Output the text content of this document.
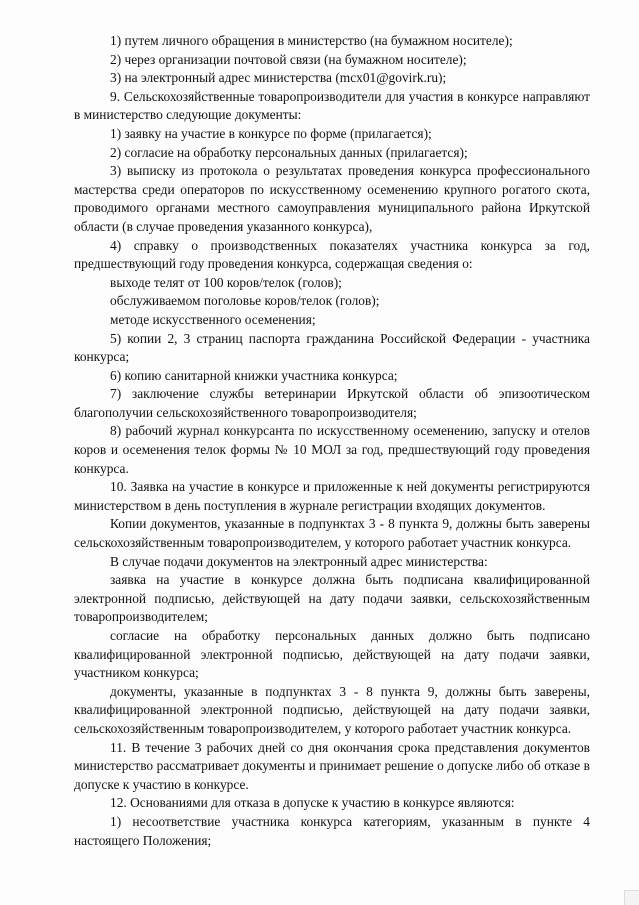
1) путем личного обращения в министерство (на бумажном носителе);

2) через организации почтовой связи (на бумажном носителе);

3) на электронный адрес министерства (mcx01@govirk.ru);

9. Сельскохозяйственные товаропроизводители для участия в конкурсе направляют в министерство следующие документы:

1) заявку на участие в конкурсе по форме (прилагается);

2) согласие на обработку персональных данных (прилагается);

3) выписку из протокола о результатах проведения конкурса профессионального мастерства среди операторов по искусственному осеменению крупного рогатого скота, проводимого органами местного самоуправления муниципального района Иркутской области (в случае проведения указанного конкурса),

4) справку о производственных показателях участника конкурса за год, предшествующий году проведения конкурса, содержащая сведения о:

выходе телят от 100 коров/телок (голов);

обслуживаемом поголовье коров/телок (голов);

методе искусственного осеменения;

5) копии 2, 3 страниц паспорта гражданина Российской Федерации - участника конкурса;

6) копию санитарной книжки участника конкурса;

7) заключение службы ветеринарии Иркутской области об эпизоотическом благополучии сельскохозяйственного товаропроизводителя;

8) рабочий журнал конкурсанта по искусственному осеменению, запуску и отелов коров и осеменения телок формы № 10 МОЛ за год, предшествующий году проведения конкурса.

10. Заявка на участие в конкурсе и приложенные к ней документы регистрируются министерством в день поступления в журнале регистрации входящих документов.

Копии документов, указанные в подпунктах 3 - 8 пункта 9, должны быть заверены сельскохозяйственным товаропроизводителем, у которого работает участник конкурса.

В случае подачи документов на электронный адрес министерства:

заявка на участие в конкурсе должна быть подписана квалифицированной электронной подписью, действующей на дату подачи заявки, сельскохозяйственным товаропроизводителем;

согласие на обработку персональных данных должно быть подписано квалифицированной электронной подписью, действующей на дату подачи заявки, участником конкурса;

документы, указанные в подпунктах 3 - 8 пункта 9, должны быть заверены, квалифицированной электронной подписью, действующей на дату подачи заявки, сельскохозяйственным товаропроизводителем, у которого работает участник конкурса.

11. В течение 3 рабочих дней со дня окончания срока представления документов министерство рассматривает документы и принимает решение о допуске либо об отказе в допуске к участию в конкурсе.

12. Основаниями для отказа в допуске к участию в конкурсе являются:

1) несоответствие участника конкурса категориям, указанным в пункте 4 настоящего Положения;
